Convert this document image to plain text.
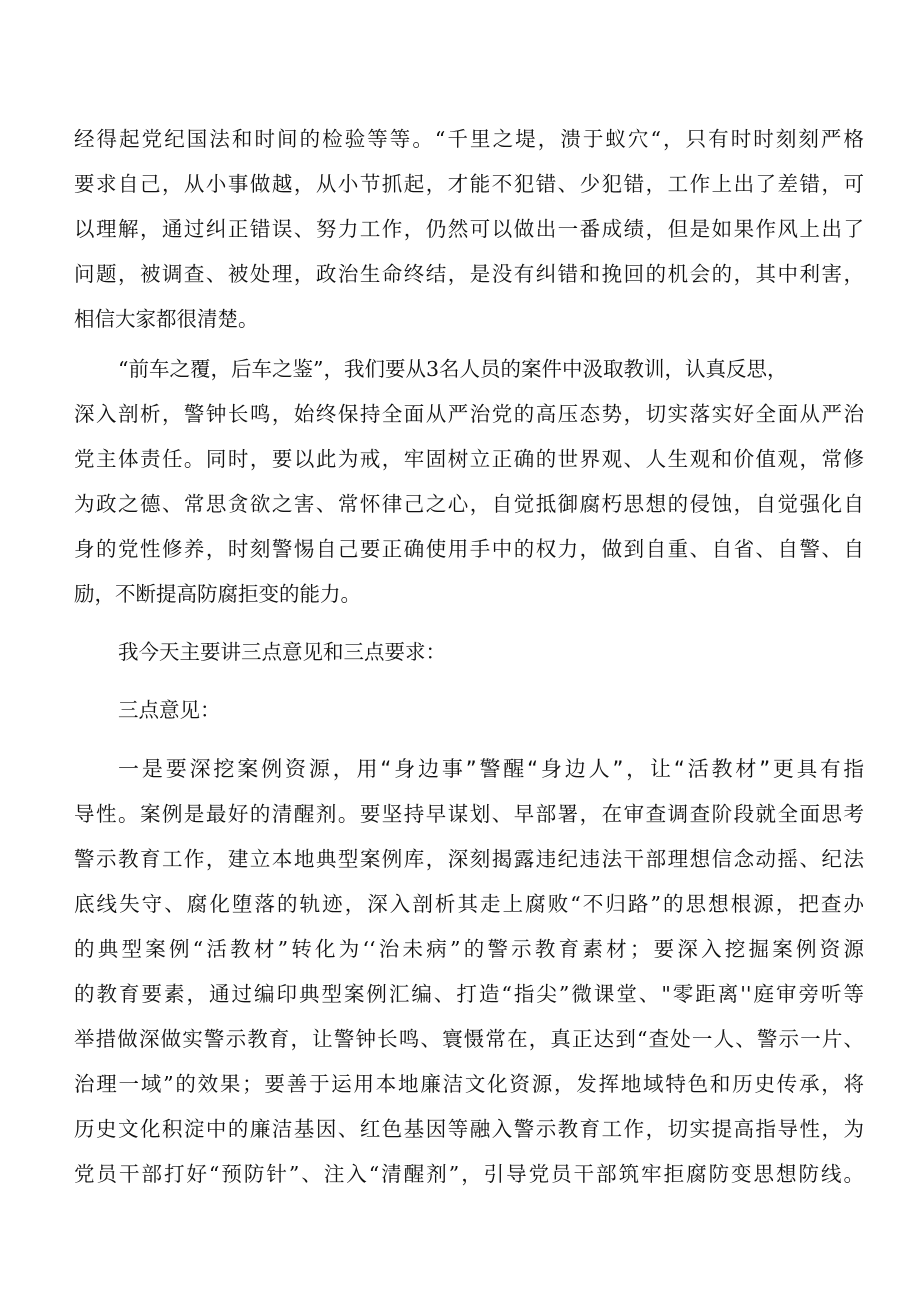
经得起党纪国法和时间的检验等等。“千里之堤，溃于蚁穴“，只有时时刻刻严格
要求自己，从小事做越，从小节抓起，才能不犯错、少犯错，工作上出了差错，可
以理解，通过纠正错误、努力工作，仍然可以做出一番成绩，但是如果作风上出了
问题，被调查、被处理，政治生命终结，是没有纠错和挽回的机会的，其中利害，
相信大家都很清楚。
“前车之覆，后车之鉴”，我们要从3名人员的案件中汲取教训，认真反思，
深入剖析，警钟长鸣，始终保持全面从严治党的高压态势，切实落实好全面从严治
党主体责任。同时，要以此为戒，牢固树立正确的世界观、人生观和价值观，常修
为政之德、常思贪欲之害、常怀律己之心，自觉抵御腐朽思想的侵蚀，自觉强化自
身的党性修养，时刻警惕自己要正确使用手中的权力，做到自重、自省、自警、自
励，不断提高防腐拒变的能力。
我今天主要讲三点意见和三点要求：
三点意见：
一是要深挖案例资源，用“身边事”警醒“身边人”，让“活教材”更具有指
导性。案例是最好的清醒剂。要坚持早谋划、早部署，在审查调查阶段就全面思考
警示教育工作，建立本地典型案例库，深刻揭露违纪违法干部理想信念动摇、纪法
底线失守、腐化堕落的轨迹，深入剖析其走上腐败“不归路”的思想根源，把查办
的典型案例“活教材”转化为‘‘治未病”的警示教育素材；要深入挖掘案例资源
的教育要素，通过编印典型案例汇编、打造“指尖”微课堂、"零距离''庭审旁听等
举措做深做实警示教育，让警钟长鸣、寰慑常在，真正达到“查处一人、警示一片、
治理一域”的效果；要善于运用本地廉洁文化资源，发挥地域特色和历史传承，将
历史文化积淀中的廉洁基因、红色基因等融入警示教育工作，切实提高指导性，为
党员干部打好“预防针”、注入“清醒剂”，引导党员干部筑牢拒腐防变思想防线。
